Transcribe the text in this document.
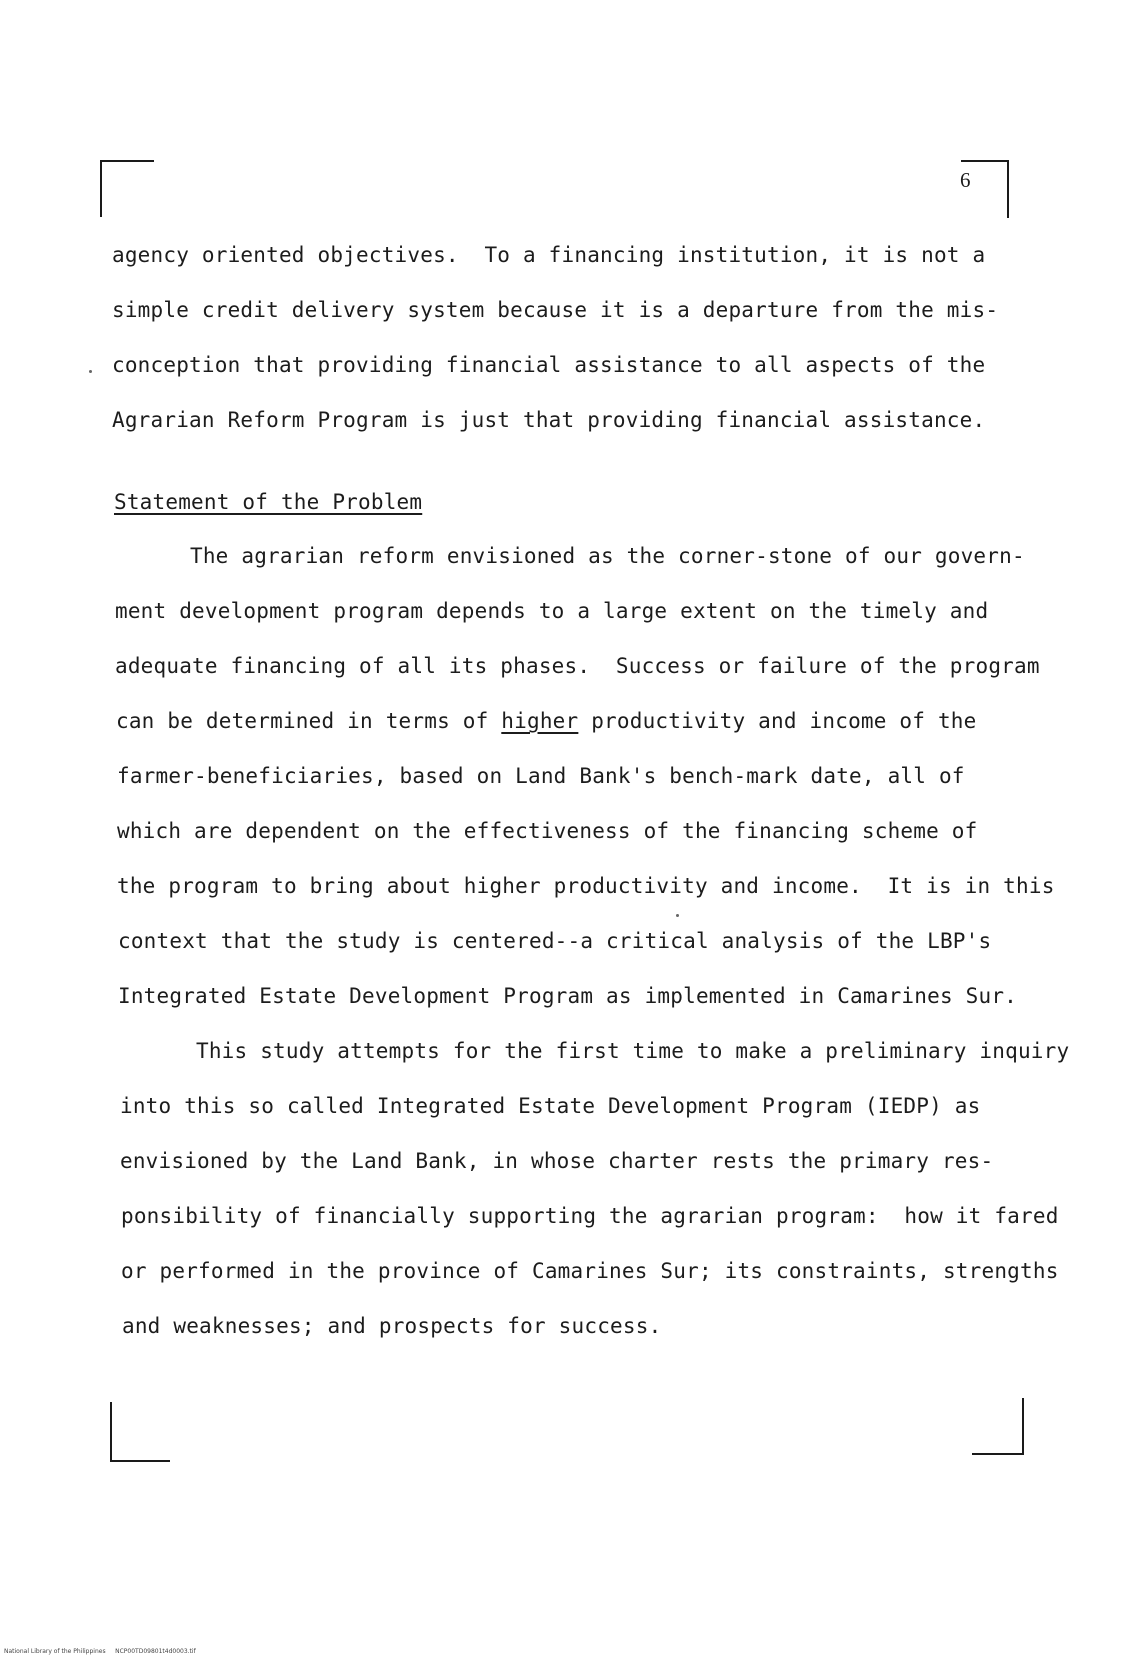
6
agency oriented objectives.  To a financing institution, it is not a
simple credit delivery system because it is a departure from the mis-
conception that providing financial assistance to all aspects of the
Agrarian Reform Program is just that providing financial assistance.
Statement of the Problem
The agrarian reform envisioned as the corner-stone of our govern-
ment development program depends to a large extent on the timely and
adequate financing of all its phases.  Success or failure of the program
can be determined in terms of higher productivity and income of the
farmer-beneficiaries, based on Land Bank's bench-mark date, all of
which are dependent on the effectiveness of the financing scheme of
the program to bring about higher productivity and income.  It is in this
context that the study is centered--a critical analysis of the LBP's
Integrated Estate Development Program as implemented in Camarines Sur.
This study attempts for the first time to make a preliminary inquiry
into this so called Integrated Estate Development Program (IEDP) as
envisioned by the Land Bank, in whose charter rests the primary res-
ponsibility of financially supporting the agrarian program:  how it fared
or performed in the province of Camarines Sur; its constraints, strengths
and weaknesses; and prospects for success.
National Library of the Philippines     NCP00TD09801t4d0003.tif
